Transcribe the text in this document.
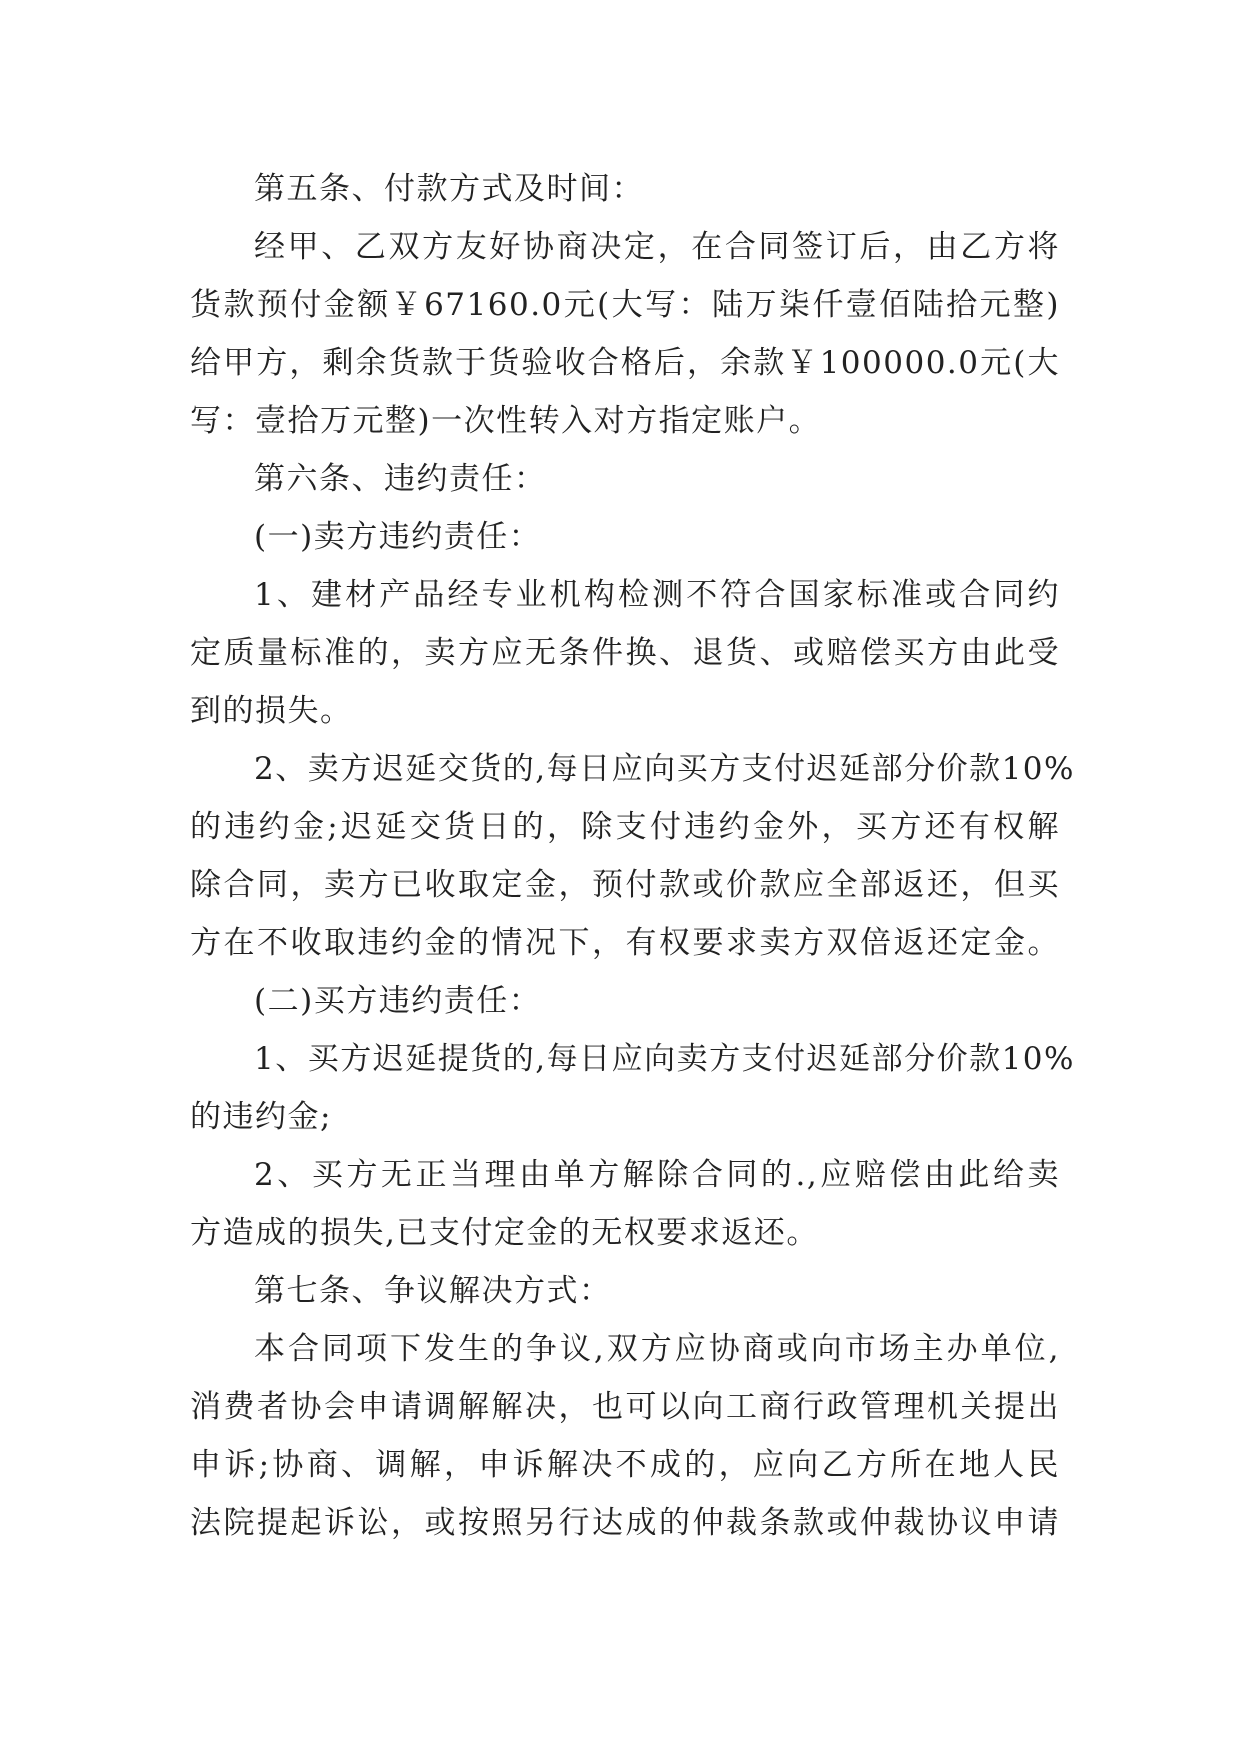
第五条、付款方式及时间：
经甲、乙双方友好协商决定，在合同签订后，由乙方将
货款预付金额￥67160.0元(大写：陆万柒仟壹佰陆拾元整)
给甲方，剩余货款于货验收合格后，余款￥100000.0元(大
写：壹拾万元整)一次性转入对方指定账户。
第六条、违约责任：
(一)卖方违约责任：
1、建材产品经专业机构检测不符合国家标准或合同约
定质量标准的，卖方应无条件换、退货、或赔偿买方由此受
到的损失。
2、卖方迟延交货的,每日应向买方支付迟延部分价款10%
的违约金;迟延交货日的，除支付违约金外，买方还有权解
除合同，卖方已收取定金，预付款或价款应全部返还，但买
方在不收取违约金的情况下，有权要求卖方双倍返还定金。
(二)买方违约责任：
1、买方迟延提货的,每日应向卖方支付迟延部分价款10%
的违约金;
2、买方无正当理由单方解除合同的.,应赔偿由此给卖
方造成的损失,已支付定金的无权要求返还。
第七条、争议解决方式：
本合同项下发生的争议,双方应协商或向市场主办单位,
消费者协会申请调解解决，也可以向工商行政管理机关提出
申诉;协商、调解，申诉解决不成的，应向乙方所在地人民
法院提起诉讼，或按照另行达成的仲裁条款或仲裁协议申请
